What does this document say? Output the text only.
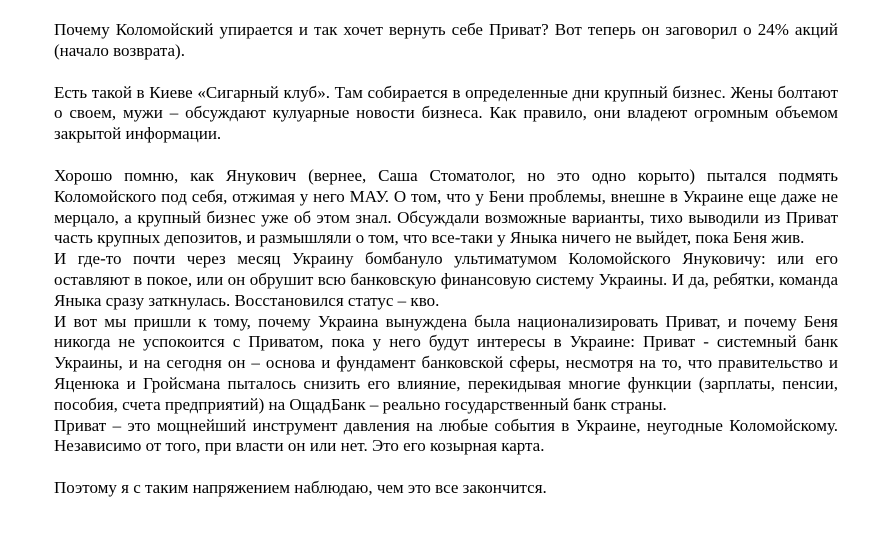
Почему Коломойский упирается и так хочет вернуть себе Приват? Вот теперь он заговорил о 24% акций (начало возврата).

Есть такой в Киеве «Сигарный клуб». Там собирается в определенные дни крупный бизнес. Жены болтают о своем, мужи – обсуждают кулуарные новости бизнеса. Как правило, они владеют огромным объемом закрытой информации.

Хорошо помню, как Янукович (вернее, Саша Стоматолог, но это одно корыто) пытался подмять Коломойского под себя, отжимая у него МАУ. О том, что у Бени проблемы, внешне в Украине еще даже не мерцало, а крупный бизнес уже об этом знал. Обсуждали возможные варианты, тихо выводили из Приват часть крупных депозитов, и размышляли о том, что все-таки у Яныка ничего не выйдет, пока Беня жив.

И где-то почти через месяц Украину бомбануло ультиматумом Коломойского Януковичу: или его оставляют в покое, или он обрушит всю банковскую финансовую систему Украины. И да, ребятки, команда Яныка сразу заткнулась. Восстановился статус – кво.

И вот мы пришли к тому, почему Украина вынуждена была национализировать Приват, и почему Беня никогда не успокоится с Приватом, пока у него будут интересы в Украине: Приват - системный банк Украины, и на сегодня он – основа и фундамент банковской сферы, несмотря на то, что правительство и Яценюка и Гройсмана пыталось снизить его влияние, перекидывая многие функции (зарплаты, пенсии, пособия, счета предприятий) на ОщадБанк – реально государственный банк страны.

Приват – это мощнейший инструмент давления на любые события в Украине, неугодные Коломойскому. Независимо от того, при власти он или нет. Это его козырная карта.

Поэтому я с таким напряжением наблюдаю, чем это все закончится.
